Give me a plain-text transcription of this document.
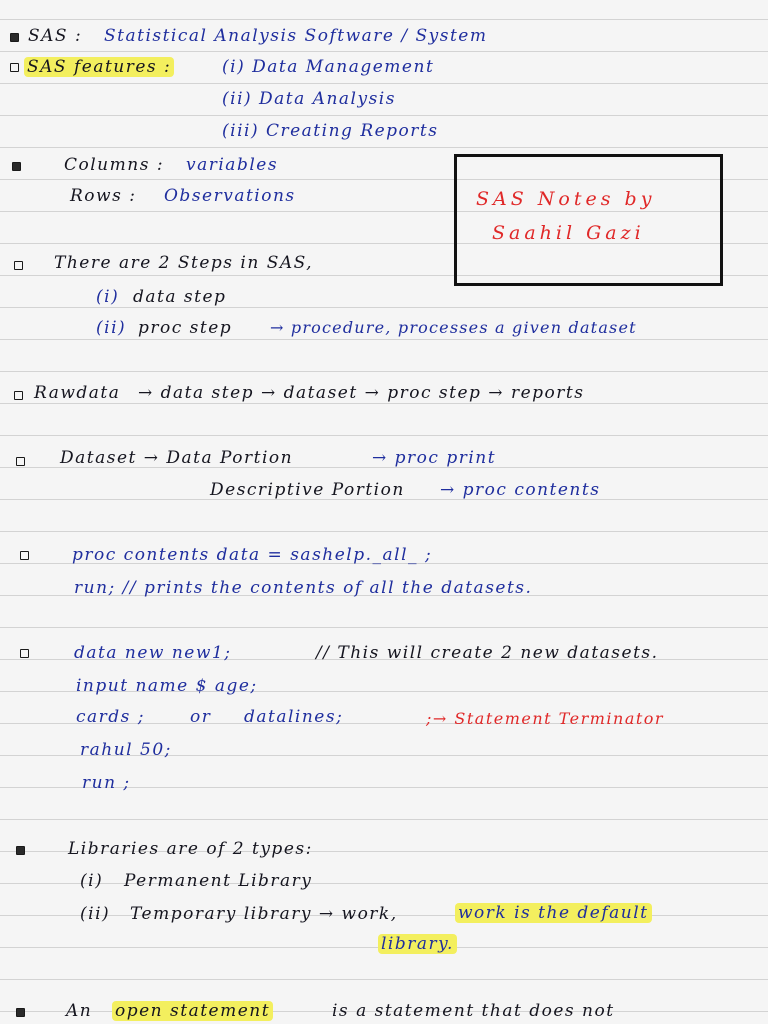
SAS : Statistical Analysis Software / System
SAS features :	(i) Data Management
(ii) Data Analysis
(iii) Creating Reports
Columns : variables
Rows : Observations	SAS Notes by
Saahil Gazi
There are 2 Steps in SAS,
(i) data step
(ii) proc step → procedure, processes a given dataset
Rawdata → data step → dataset → proc step → reports
Dataset → Data Portion	→ proc print
Descriptive Portion → proc contents
proc contents data = sashelp._all_ ;
run; // prints the contents of all the datasets.
data new new1;	// This will create 2 new datasets.
input name $ age;
cards ;	or datalines;	;→ Statement Terminator
rahul 50;
run ;
Libraries are of 2 types:
(i) Permanent Library
(ii) Temporary library → work,	work is the default
library.
An open statement	is a statement that does not
